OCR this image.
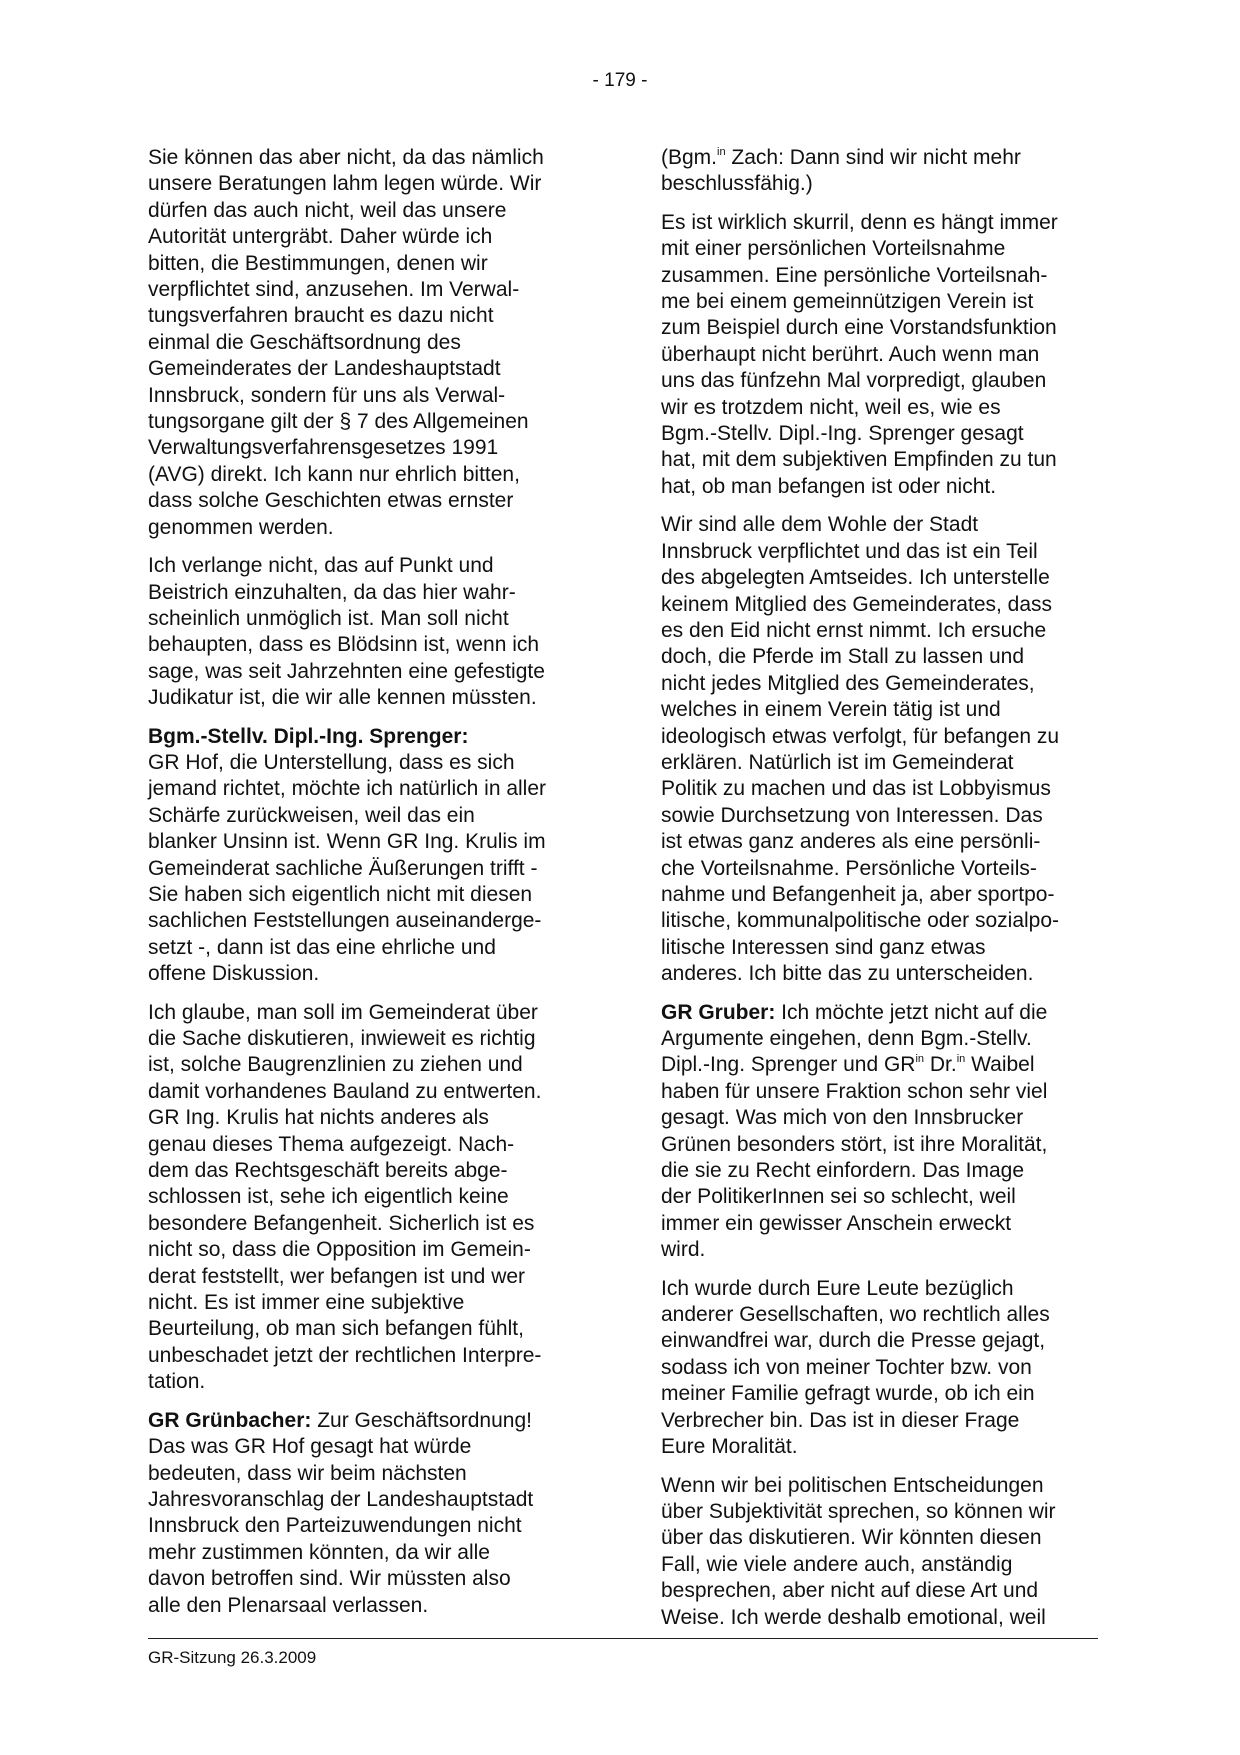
- 179 -
Sie können das aber nicht, da das nämlich
unsere Beratungen lahm legen würde. Wir
dürfen das auch nicht, weil das unsere
Autorität untergräbt. Daher würde ich
bitten, die Bestimmungen, denen wir
verpflichtet sind, anzusehen. Im Verwal-
tungsverfahren braucht es dazu nicht
einmal die Geschäftsordnung des
Gemeinderates der Landeshauptstadt
Innsbruck, sondern für uns als Verwal-
tungsorgane gilt der § 7 des Allgemeinen
Verwaltungsverfahrensgesetzes 1991
(AVG) direkt. Ich kann nur ehrlich bitten,
dass solche Geschichten etwas ernster
genommen werden.
Ich verlange nicht, das auf Punkt und
Beistrich einzuhalten, da das hier wahr-
scheinlich unmöglich ist. Man soll nicht
behaupten, dass es Blödsinn ist, wenn ich
sage, was seit Jahrzehnten eine gefestigte
Judikatur ist, die wir alle kennen müssten.
Bgm.-Stellv. Dipl.-Ing. Sprenger:
GR Hof, die Unterstellung, dass es sich
jemand richtet, möchte ich natürlich in aller
Schärfe zurückweisen, weil das ein
blanker Unsinn ist. Wenn GR Ing. Krulis im
Gemeinderat sachliche Äußerungen trifft -
Sie haben sich eigentlich nicht mit diesen
sachlichen Feststellungen auseinanderge-
setzt -, dann ist das eine ehrliche und
offene Diskussion.
Ich glaube, man soll im Gemeinderat über
die Sache diskutieren, inwieweit es richtig
ist, solche Baugrenzlinien zu ziehen und
damit vorhandenes Bauland zu entwerten.
GR Ing. Krulis hat nichts anderes als
genau dieses Thema aufgezeigt. Nach-
dem das Rechtsgeschäft bereits abge-
schlossen ist, sehe ich eigentlich keine
besondere Befangenheit. Sicherlich ist es
nicht so, dass die Opposition im Gemein-
derat feststellt, wer befangen ist und wer
nicht. Es ist immer eine subjektive
Beurteilung, ob man sich befangen fühlt,
unbeschadet jetzt der rechtlichen Interpre-
tation.
GR Grünbacher: Zur Geschäftsordnung!
Das was GR Hof gesagt hat würde
bedeuten, dass wir beim nächsten
Jahresvoranschlag der Landeshauptstadt
Innsbruck den Parteizuwendungen nicht
mehr zustimmen könnten, da wir alle
davon betroffen sind. Wir müssten also
alle den Plenarsaal verlassen.
(Bgm.$^{in}$ Zach: Dann sind wir nicht mehr
beschlussfähig.)
Es ist wirklich skurril, denn es hängt immer
mit einer persönlichen Vorteilsnahme
zusammen. Eine persönliche Vorteilsnah-
me bei einem gemeinnützigen Verein ist
zum Beispiel durch eine Vorstandsfunktion
überhaupt nicht berührt. Auch wenn man
uns das fünfzehn Mal vorpredigt, glauben
wir es trotzdem nicht, weil es, wie es
Bgm.-Stellv. Dipl.-Ing. Sprenger gesagt
hat, mit dem subjektiven Empfinden zu tun
hat, ob man befangen ist oder nicht.
Wir sind alle dem Wohle der Stadt
Innsbruck verpflichtet und das ist ein Teil
des abgelegten Amtseides. Ich unterstelle
keinem Mitglied des Gemeinderates, dass
es den Eid nicht ernst nimmt. Ich ersuche
doch, die Pferde im Stall zu lassen und
nicht jedes Mitglied des Gemeinderates,
welches in einem Verein tätig ist und
ideologisch etwas verfolgt, für befangen zu
erklären. Natürlich ist im Gemeinderat
Politik zu machen und das ist Lobbyismus
sowie Durchsetzung von Interessen. Das
ist etwas ganz anderes als eine persönli-
che Vorteilsnahme. Persönliche Vorteils-
nahme und Befangenheit ja, aber sportpo-
litische, kommunalpolitische oder sozialpo-
litische Interessen sind ganz etwas
anderes. Ich bitte das zu unterscheiden.
GR Gruber: Ich möchte jetzt nicht auf die
Argumente eingehen, denn Bgm.-Stellv.
Dipl.-Ing. Sprenger und $GR^{in}$ Dr.$^{in}$ Waibel
haben für unsere Fraktion schon sehr viel
gesagt. Was mich von den Innsbrucker
Grünen besonders stört, ist ihre Moralität,
die sie zu Recht einfordern. Das Image
der PolitikerInnen sei so schlecht, weil
immer ein gewisser Anschein erweckt
wird.
Ich wurde durch Eure Leute bezüglich
anderer Gesellschaften, wo rechtlich alles
einwandfrei war, durch die Presse gejagt,
sodass ich von meiner Tochter bzw. von
meiner Familie gefragt wurde, ob ich ein
Verbrecher bin. Das ist in dieser Frage
Eure Moralität.
Wenn wir bei politischen Entscheidungen
über Subjektivität sprechen, so können wir
über das diskutieren. Wir könnten diesen
Fall, wie viele andere auch, anständig
besprechen, aber nicht auf diese Art und
Weise. Ich werde deshalb emotional, weil
GR-Sitzung 26.3.2009
